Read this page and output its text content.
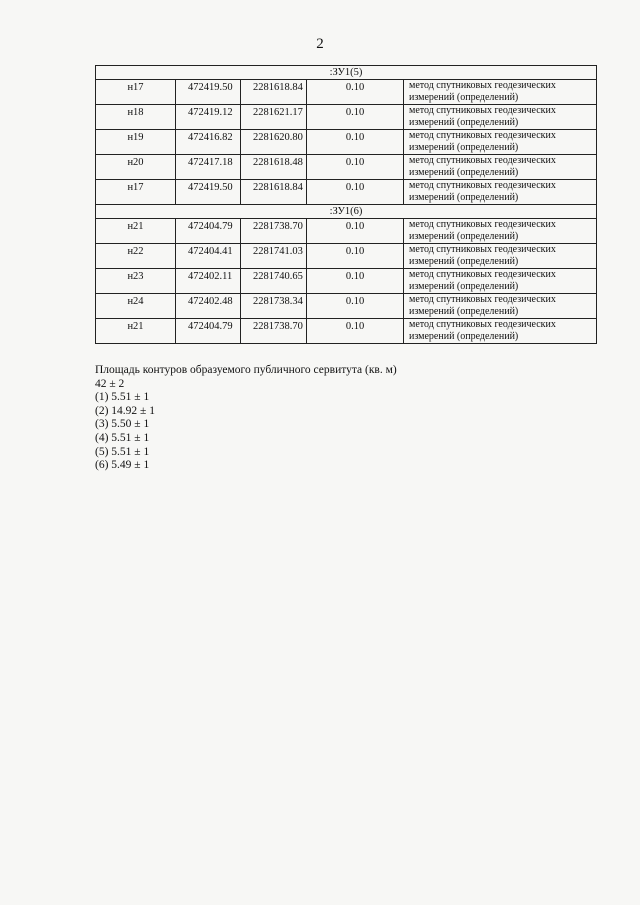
2
:ЗУ1(5)				
н17	472419.50	2281618.84	0.10	метод спутниковых геодезических измерений (определений)
н18	472419.12	2281621.17	0.10	метод спутниковых геодезических измерений (определений)
н19	472416.82	2281620.80	0.10	метод спутниковых геодезических измерений (определений)
н20	472417.18	2281618.48	0.10	метод спутниковых геодезических измерений (определений)
н17	472419.50	2281618.84	0.10	метод спутниковых геодезических измерений (определений)
:ЗУ1(6)				
н21	472404.79	2281738.70	0.10	метод спутниковых геодезических измерений (определений)
н22	472404.41	2281741.03	0.10	метод спутниковых геодезических измерений (определений)
н23	472402.11	2281740.65	0.10	метод спутниковых геодезических измерений (определений)
н24	472402.48	2281738.34	0.10	метод спутниковых геодезических измерений (определений)
н21	472404.79	2281738.70	0.10	метод спутниковых геодезических измерений (определений)
Площадь контуров образуемого публичного сервитута (кв. м)
42 ± 2
(1) 5.51 ± 1
(2) 14.92 ± 1
(3) 5.50 ± 1
(4) 5.51 ± 1
(5) 5.51 ± 1
(6) 5.49 ± 1
